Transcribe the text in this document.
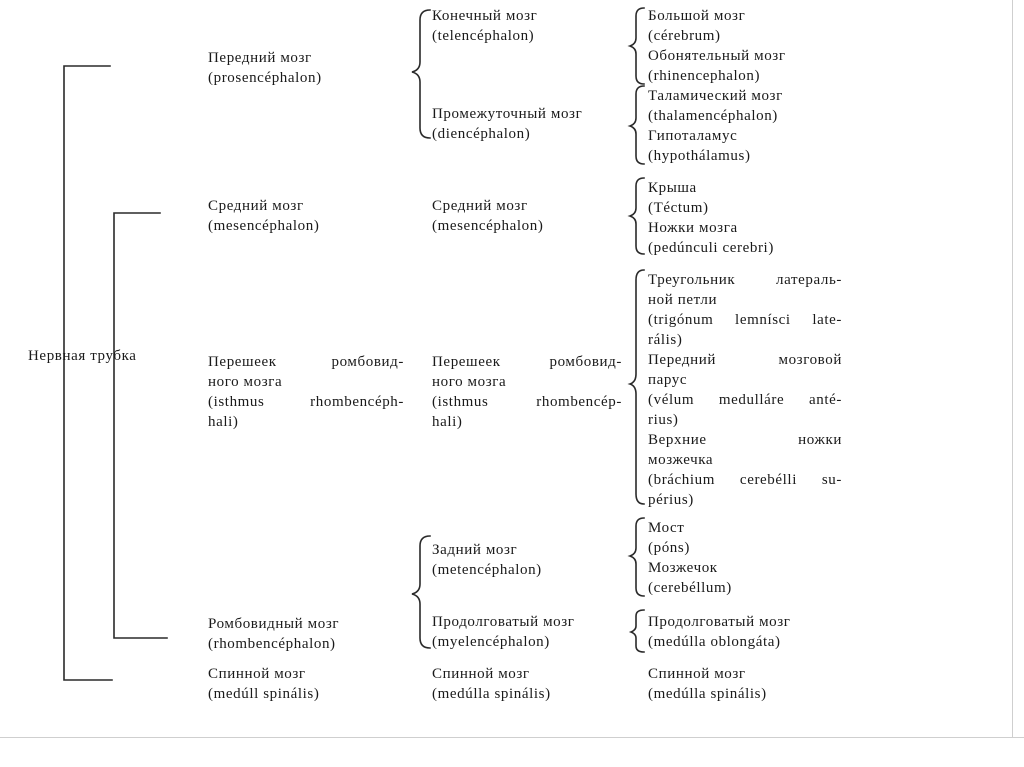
Нервная трубка
Передний мозг
(prosencéphalon)
Средний мозг
(mesencéphalon)
Перешеек ромбовид-
ного мозга
(isthmus rhombencéph-
hali)
Ромбовидный мозг
(rhombencéphalon)
Спинной мозг
(medúll spinális)
Конечный мозг
(telencéphalon)
Промежуточный мозг
(diencéphalon)
Средний мозг
(mesencéphalon)
Перешеек ромбовид-
ного мозга
(isthmus rhombencép-
hali)
Задний мозг
(metencéphalon)
Продолговатый мозг
(myelencéphalon)
Спинной мозг
(medúlla spinális)
Большой мозг
(cérebrum)
Обонятельный мозг
(rhinencephalon)
Таламический мозг
(thalamencéphalon)
Гипоталамус
(hypothálamus)
Крыша
(Téctum)
Ножки мозга
(pedúnculi cerebri)
Треугольник латераль-
ной петли
(trigónum lemnísci late-
rális)
Передний мозговой
парус
(vélum medulláre anté-
rius)
Верхние ножки
мозжечка
(bráchium cerebélli su-
périus)
Мост
(póns)
Мозжечок
(cerebéllum)
Продолговатый мозг
(medúlla oblongáta)
Спинной мозг
(medúlla spinális)
